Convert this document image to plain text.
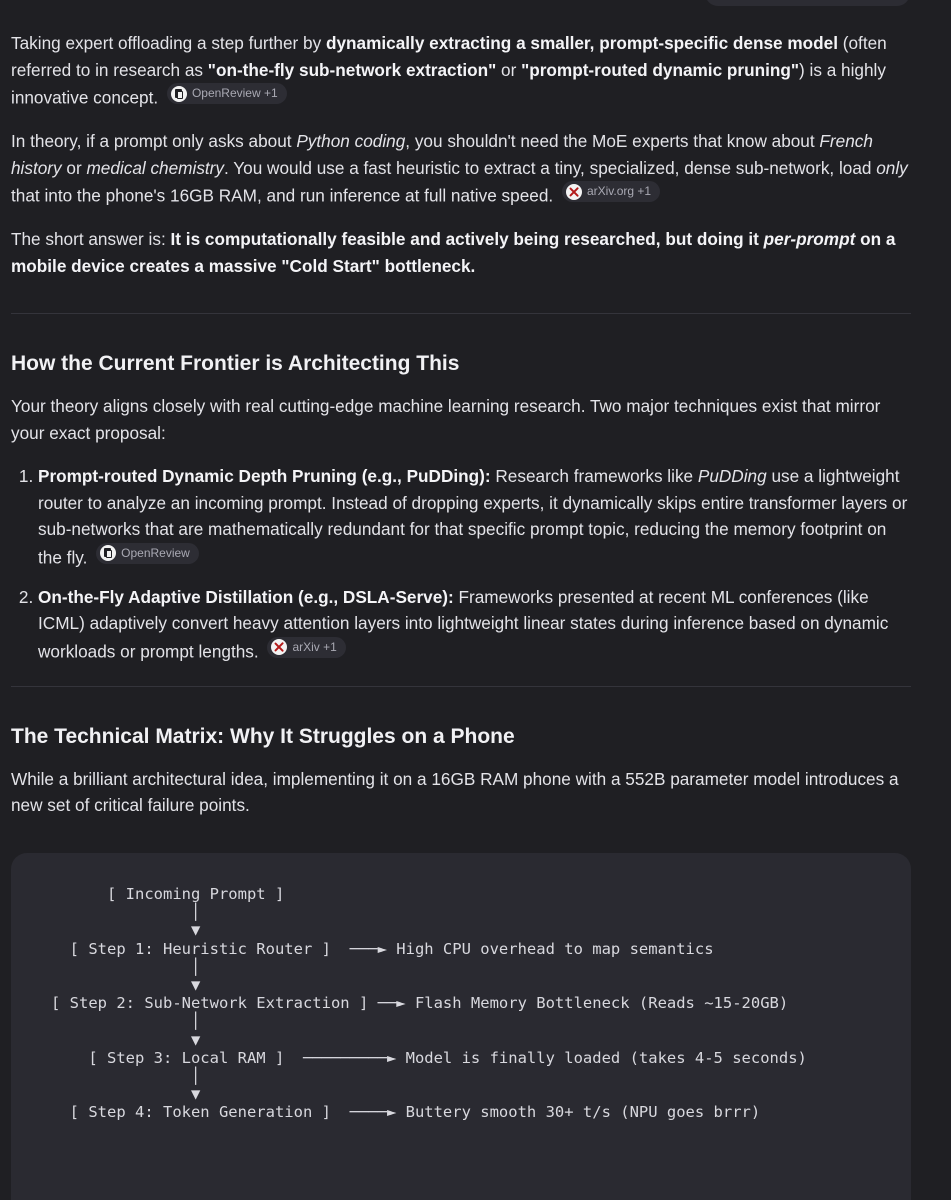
Taking expert offloading a step further by dynamically extracting a smaller, prompt-specific dense model (often referred to in research as "on-the-fly sub-network extraction" or "prompt-routed dynamic pruning") is a highly innovative concept.	OpenReview +1

In theory, if a prompt only asks about Python coding, you shouldn't need the MoE experts that know about French history or medical chemistry. You would use a fast heuristic to extract a tiny, specialized, dense sub-network, load only that into the phone's 16GB RAM, and run inference at full native speed.	arXiv.org +1

The short answer is: It is computationally feasible and actively being researched, but doing it per-prompt on a mobile device creates a massive "Cold Start" bottleneck.

How the Current Frontier is Architecting This

Your theory aligns closely with real cutting-edge machine learning research. Two major techniques exist that mirror your exact proposal:

1. Prompt-routed Dynamic Depth Pruning (e.g., PuDDing): Research frameworks like PuDDing use a lightweight router to analyze an incoming prompt. Instead of dropping experts, it dynamically skips entire transformer layers or sub-networks that are mathematically redundant for that specific prompt topic, reducing the memory footprint on the fly.	OpenReview
2. On-the-Fly Adaptive Distillation (e.g., DSLA-Serve): Frameworks presented at recent ML conferences (like ICML) adaptively convert heavy attention layers into lightweight linear states during inference based on dynamic workloads or prompt lengths.	arXiv +1
The Technical Matrix: Why It Struggles on a Phone

While a brilliant architectural idea, implementing it on a 16GB RAM phone with a 552B parameter model introduces a new set of critical failure points.

[ Incoming Prompt ]
│
▼
[ Step 1: Heuristic Router ]  ───► High CPU overhead to map semantics
│
▼
[ Step 2: Sub-Network Extraction ] ──► Flash Memory Bottleneck (Reads ~15-20GB)
│
▼
[ Step 3: Local RAM ]  ─────────► Model is finally loaded (takes 4-5 seconds)
│
▼
[ Step 4: Token Generation ]  ────► Buttery smooth 30+ t/s (NPU goes brrr)
